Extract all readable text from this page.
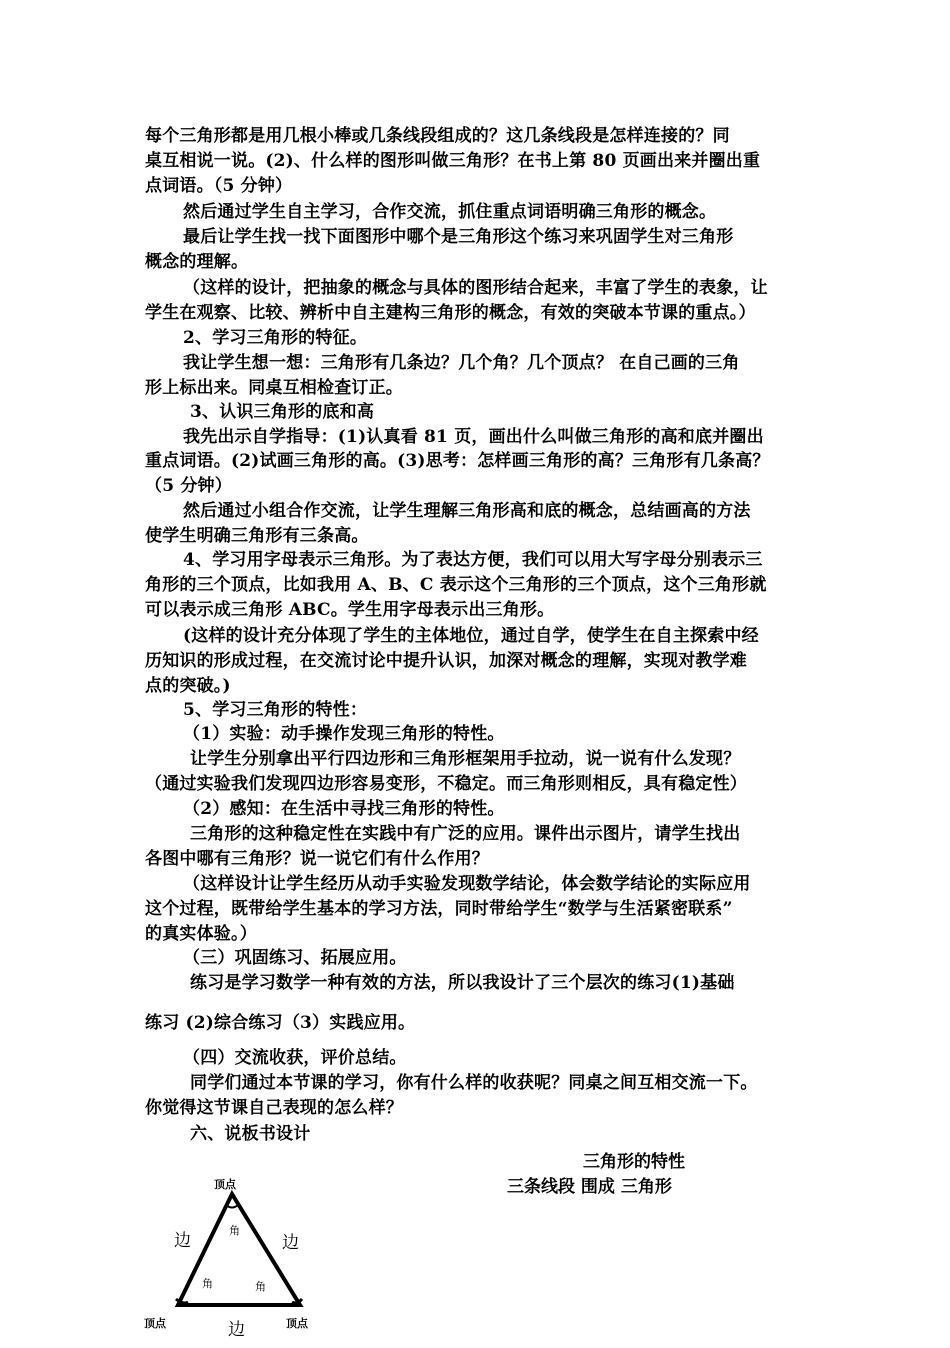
每个三角形都是用几根小棒或几条线段组成的？这几条线段是怎样连接的？同
桌互相说一说。(2)、什么样的图形叫做三角形？在书上第 80 页画出来并圈出重
点词语。（5 分钟）
然后通过学生自主学习，合作交流，抓住重点词语明确三角形的概念。
最后让学生找一找下面图形中哪个是三角形这个练习来巩固学生对三角形
概念的理解。
（这样的设计，把抽象的概念与具体的图形结合起来，丰富了学生的表象，让
学生在观察、比较、辨析中自主建构三角形的概念，有效的突破本节课的重点。）
2、学习三角形的特征。
我让学生想一想：三角形有几条边？几个角？几个顶点？ 在自己画的三角
形上标出来。同桌互相检查订正。
3、认识三角形的底和高
我先出示自学指导：(1)认真看 81 页，画出什么叫做三角形的高和底并圈出
重点词语。(2)试画三角形的高。(3)思考：怎样画三角形的高？三角形有几条高？
（5 分钟）
然后通过小组合作交流，让学生理解三角形高和底的概念，总结画高的方法
使学生明确三角形有三条高。
4、学习用字母表示三角形。为了表达方便，我们可以用大写字母分别表示三
角形的三个顶点，比如我用 A、B、C 表示这个三角形的三个顶点，这个三角形就
可以表示成三角形 ABC。学生用字母表示出三角形。
(这样的设计充分体现了学生的主体地位，通过自学，使学生在自主探索中经
历知识的形成过程，在交流讨论中提升认识，加深对概念的理解，实现对教学难
点的突破。)
5、学习三角形的特性：
（1）实验：动手操作发现三角形的特性。
让学生分别拿出平行四边形和三角形框架用手拉动，说一说有什么发现？
（通过实验我们发现四边形容易变形，不稳定。而三角形则相反，具有稳定性）
（2）感知：在生活中寻找三角形的特性。
三角形的这种稳定性在实践中有广泛的应用。课件出示图片，请学生找出
各图中哪有三角形？说一说它们有什么作用？
（这样设计让学生经历从动手实验发现数学结论，体会数学结论的实际应用
这个过程，既带给学生基本的学习方法，同时带给学生“数学与生活紧密联系”
的真实体验。）
（三）巩固练习、拓展应用。
练习是学习数学一种有效的方法，所以我设计了三个层次的练习(1)基础
练习 (2)综合练习（3）实践应用。
（四）交流收获，评价总结。
同学们通过本节课的学习，你有什么样的收获呢？同桌之间互相交流一下。
你觉得这节课自己表现的怎么样？
六、说板书设计
三角形的特性
三条线段 围成 三角形
顶点
顶点	顶点
边	边
边
角
角	角
